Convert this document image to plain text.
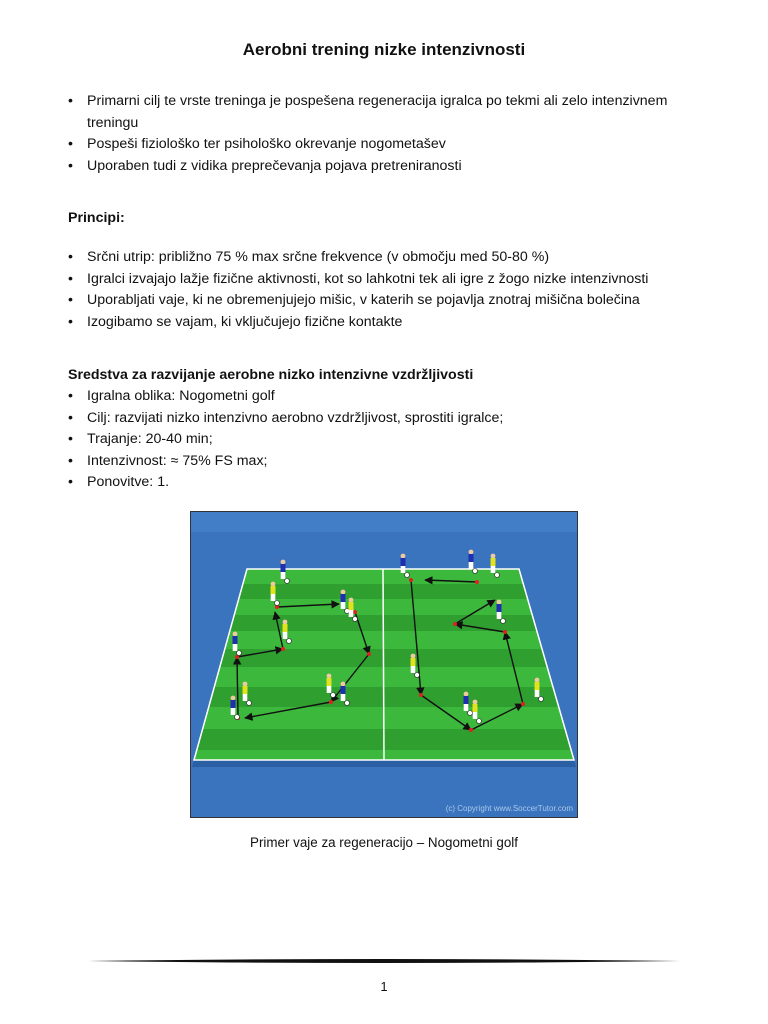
Aerobni trening nizke intenzivnosti
• Primarni cilj te vrste treninga je pospešena regeneracija igralca po tekmi ali zelo intenzivnem treningu
• Pospeši fiziološko ter psihološko okrevanje nogometašev
• Uporaben tudi z vidika preprečevanja pojava pretreniranosti
Principi:
• Srčni utrip: približno 75 % max srčne frekvence (v območju med 50-80 %)
• Igralci izvajajo lažje fizične aktivnosti, kot so lahkotni tek ali igre z žogo nizke intenzivnosti
• Uporabljati vaje, ki ne obremenjujejo mišic, v katerih se pojavlja znotraj mišična bolečina
• Izogibamo se vajam, ki vključujejo fizične kontakte
Sredstva za razvijanje aerobne nizko intenzivne vzdržljivosti
• Igralna oblika: Nogometni golf
• Cilj: razvijati nizko intenzivno aerobno vzdržljivost, sprostiti igralce;
• Trajanje: 20-40 min;
• Intenzivnost: ≈ 75% FS max;
• Ponovitve: 1.
(c) Copyright www.SoccerTutor.com
Primer vaje za regeneracijo – Nogometni golf
1
